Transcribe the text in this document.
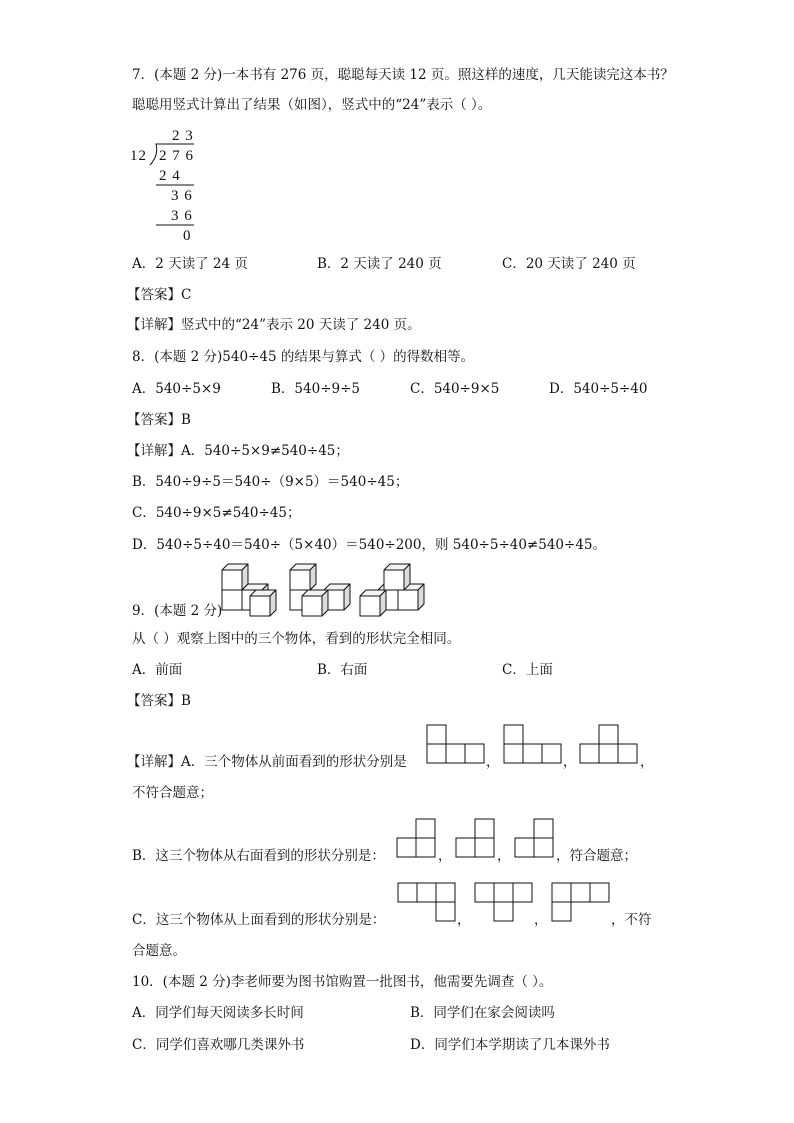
7．(本题 2 分)一本书有 276 页，聪聪每天读 12 页。照这样的速度，几天能读完这本书？
聪聪用竖式计算出了结果（如图），竖式中的“24”表示（ ）。
2 3
12 2 7 6
2 4
3 6
3 6
0
A．2 天读了 24 页	B．2 天读了 240 页	C．20 天读了 240 页
【答案】C
【详解】竖式中的“24”表示 20 天读了 240 页。
8．(本题 2 分)540÷45 的结果与算式（ ）的得数相等。
A．540÷5×9	B．540÷9÷5	C．540÷9×5	D．540÷5÷40
【答案】B
【详解】A．540÷5×9≠540÷45；
B．540÷9÷5＝540÷（9×5）＝540÷45；
C．540÷9×5≠540÷45；
D．540÷5÷40＝540÷（5×40）＝540÷200，则 540÷5÷40≠540÷45。
9．(本题 2 分)
从（ ）观察上图中的三个物体，看到的形状完全相同。
A．前面	B．右面	C．上面
【答案】B
【详解】A．三个物体从前面看到的形状分别是	，	，	，
不符合题意；
B．这三个物体从右面看到的形状分别是：	，	，	，符合题意；
C．这三个物体从上面看到的形状分别是：	，	，	，不符
合题意。
10．(本题 2 分)李老师要为图书馆购置一批图书，他需要先调查（ ）。
A．同学们每天阅读多长时间	B．同学们在家会阅读吗
C．同学们喜欢哪几类课外书	D．同学们本学期读了几本课外书
